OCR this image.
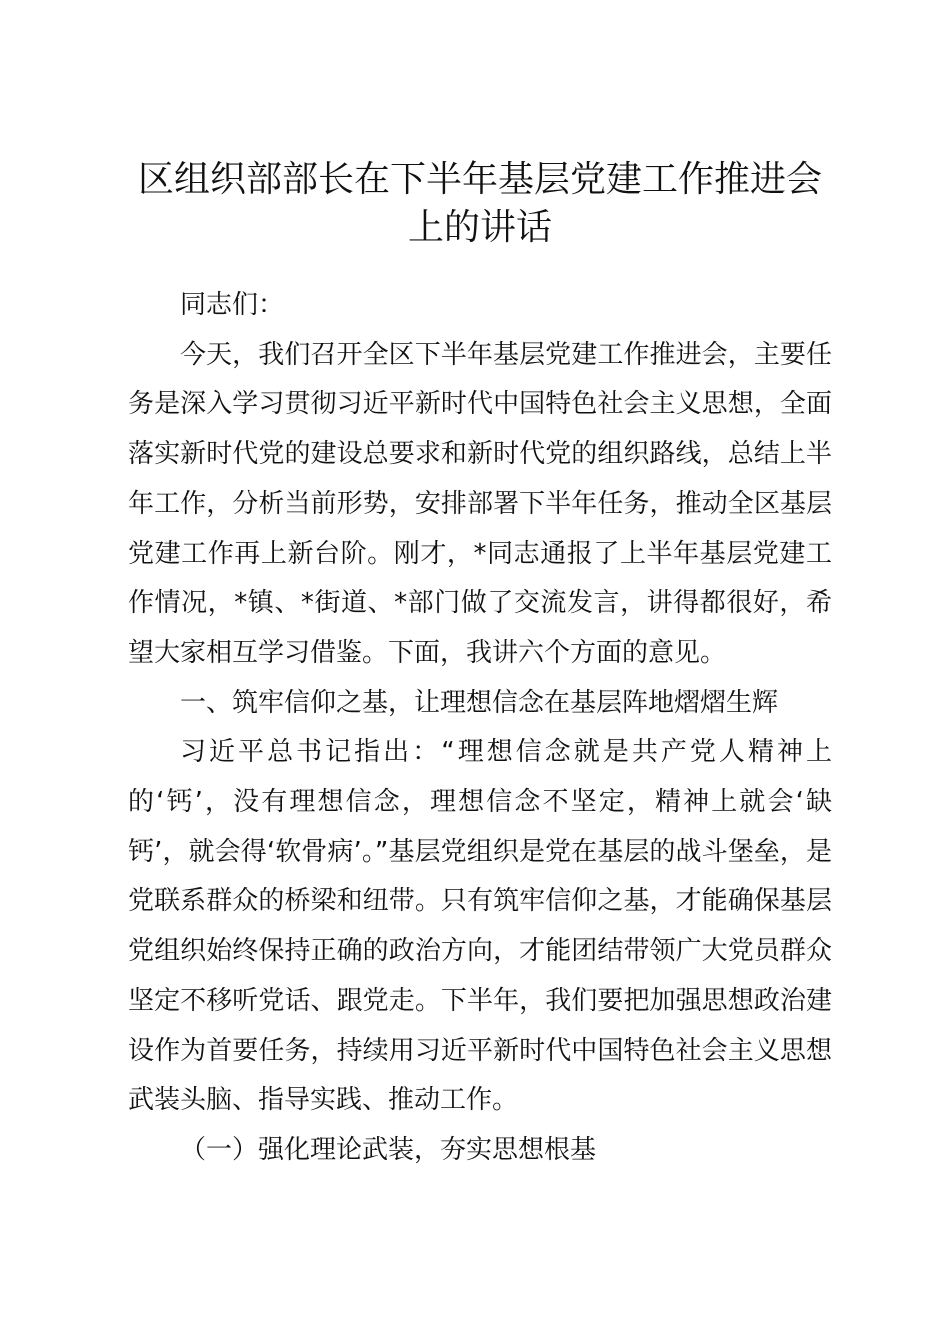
区组织部部长在下半年基层党建工作推进会上的讲话

同志们：

今天，我们召开全区下半年基层党建工作推进会，主要任务是深入学习贯彻习近平新时代中国特色社会主义思想，全面落实新时代党的建设总要求和新时代党的组织路线，总结上半年工作，分析当前形势，安排部署下半年任务，推动全区基层党建工作再上新台阶。刚才，*同志通报了上半年基层党建工作情况，*镇、*街道、*部门做了交流发言，讲得都很好，希望大家相互学习借鉴。下面，我讲六个方面的意见。

一、筑牢信仰之基，让理想信念在基层阵地熠熠生辉

习近平总书记指出：“理想信念就是共产党人精神上的‘钙’，没有理想信念，理想信念不坚定，精神上就会‘缺钙’，就会得‘软骨病’。”基层党组织是党在基层的战斗堡垒，是党联系群众的桥梁和纽带。只有筑牢信仰之基，才能确保基层党组织始终保持正确的政治方向，才能团结带领广大党员群众坚定不移听党话、跟党走。下半年，我们要把加强思想政治建设作为首要任务，持续用习近平新时代中国特色社会主义思想武装头脑、指导实践、推动工作。

（一）强化理论武装，夯实思想根基
